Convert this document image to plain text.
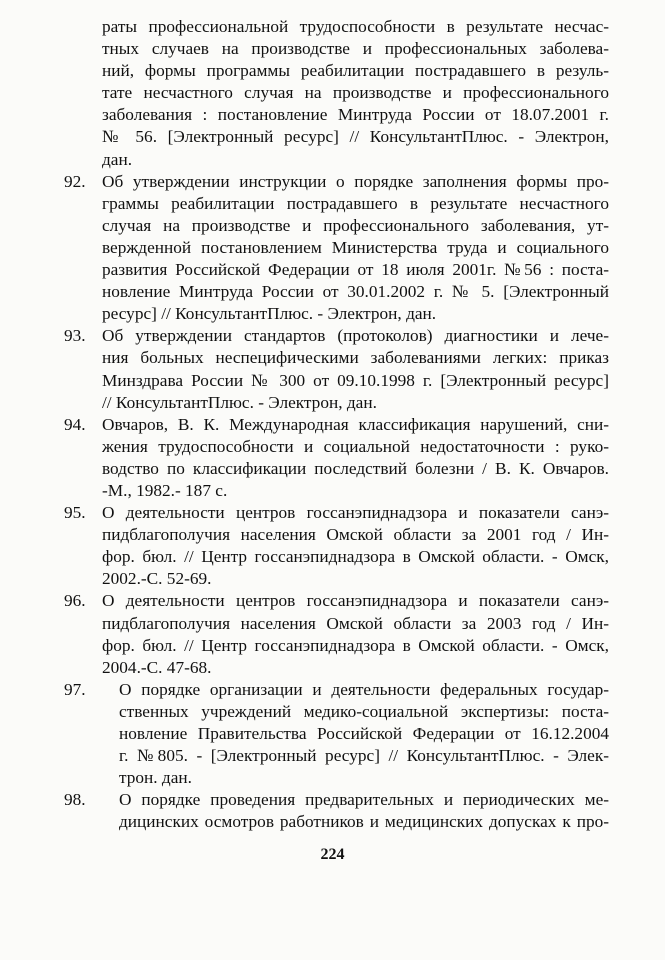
раты профессиональной трудоспособности в результате несчас-
тных случаев на производстве и профессиональных заболева-
ний, формы программы реабилитации пострадавшего в резуль-
тате несчастного случая на производстве и профессионального
заболевания : постановление Минтруда России от 18.07.2001 г.
№ 56. [Электронный ресурс] // КонсультантПлюс. - Электрон,
дан.
92. Об утверждении инструкции о порядке заполнения формы про-
граммы реабилитации пострадавшего в результате несчастного
случая на производстве и профессионального заболевания, ут-
вержденной постановлением Министерства труда и социального
развития Российской Федерации от 18 июля 2001г. №56 : поста-
новление Минтруда России от 30.01.2002 г. № 5. [Электронный
ресурс] // КонсультантПлюс. - Электрон, дан.
93. Об утверждении стандартов (протоколов) диагностики и лече-
ния больных неспецифическими заболеваниями легких: приказ
Минздрава России № 300 от 09.10.1998 г. [Электронный ресурс]
// КонсультантПлюс. - Электрон, дан.
94. Овчаров, В. К. Международная классификация нарушений, сни-
жения трудоспособности и социальной недостаточности : руко-
водство по классификации последствий болезни / В. К. Овчаров.
-М., 1982.- 187 с.
95. О деятельности центров госсанэпиднадзора и показатели санэ-
пидблагополучия населения Омской области за 2001 год / Ин-
фор. бюл. // Центр госсанэпиднадзора в Омской области. - Омск,
2002.-С. 52-69.
96. О деятельности центров госсанэпиднадзора и показатели санэ-
пидблагополучия населения Омской области за 2003 год / Ин-
фор. бюл. // Центр госсанэпиднадзора в Омской области. - Омск,
2004.-С. 47-68.
97.	О порядке организации и деятельности федеральных государ-
ственных учреждений медико-социальной экспертизы: поста-
новление Правительства Российской Федерации от 16.12.2004
г. №805. - [Электронный ресурс] // КонсультантПлюс. - Элек-
трон. дан.
98.	О порядке проведения предварительных и периодических ме-
дицинских осмотров работников и медицинских допусках к про-
224
